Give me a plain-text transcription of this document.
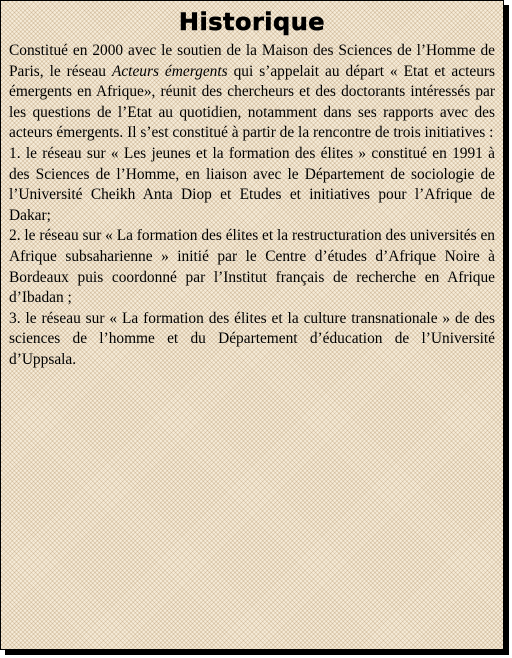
Historique

Constitué en 2000 avec le soutien de la Maison des Sciences de l’Homme de Paris, le réseau Acteurs émergents qui s’appelait au départ « Etat et acteurs émergents en Afrique», réunit des chercheurs et des doctorants intéressés par les questions de l’Etat au quotidien, notamment dans ses rapports avec des acteurs émergents. Il s’est constitué à partir de la rencontre de trois initiatives :

1. le réseau sur « Les jeunes et la formation des élites » constitué en 1991 à des Sciences de l’Homme, en liaison avec le Département de sociologie de l’Université Cheikh Anta Diop et Etudes et initiatives pour l’Afrique de Dakar;

2. le réseau sur « La formation des élites et la restructuration des universités en Afrique subsaharienne » initié par le Centre d’études d’Afrique Noire à Bordeaux puis coordonné par l’Institut français de recherche en Afrique d’Ibadan ;

3. le réseau sur « La formation des élites et la culture transnationale » de des sciences de l’homme et du Département d’éducation de l’Université d’Uppsala.
